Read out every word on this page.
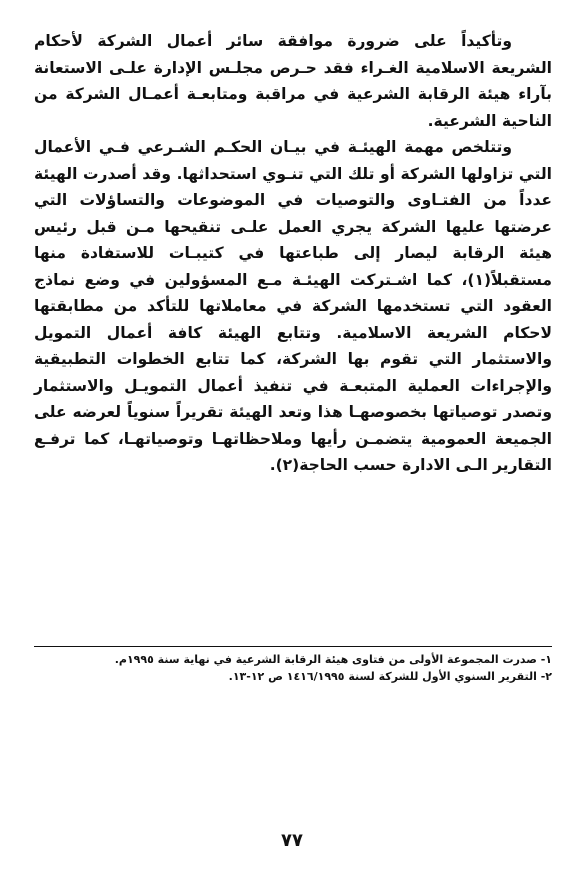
وتأكيداً على ضرورة موافقة سائر أعمال الشركة لأحكام الشريعة الاسلامية الغـراء فقد حـرص مجلـس الإدارة علـى الاستعانة بآراء هيئة الرقابة الشرعية في مراقبة ومتابعـة أعمـال الشركة من الناحية الشرعية.

وتتلخص مهمة الهيئـة في بيـان الحكـم الشـرعي فـي الأعمال التي تزاولها الشركة أو تلك التي تنـوي استحداثها. وقد أصدرت الهيئة عدداً من الفتـاوى والتوصيات في الموضوعات والتساؤلات التي عرضتها عليها الشركة يجري العمل علـى تنقيحها مـن قبل رئيس هيئة الرقابة ليصار إلى طباعتها في كتيبـات للاستفادة منها مستقبلاً(١)، كما اشـتركت الهيئـة مـع المسؤولين في وضع نماذج العقود التي تستخدمها الشركة في معاملاتها للتأكد من مطابقتها لاحكام الشريعة الاسلامية. وتتابع الهيئة كافة أعمال التمويل والاستثمار التي تقوم بها الشركة، كما تتابع الخطوات التطبيقية والإجراءات العملية المتبعـة في تنفيذ أعمال التمويـل والاستثمار وتصدر توصياتها بخصوصهـا هذا وتعد الهيئة تقريراً سنوياً لعرضه على الجميعة العمومية يتضمـن رأيها وملاحظاتهـا وتوصياتهـا، كما ترفـع التقارير الـى الادارة حسب الحاجة(٢).

١- صدرت المجموعة الأولى من فتاوى هيئة الرقابة الشرعية في نهاية سنة ١٩٩٥م.

٢- التقرير السنوي الأول للشركة لسنة ١٤١٦/١٩٩٥ ص ١٢-١٣.

٧٧
